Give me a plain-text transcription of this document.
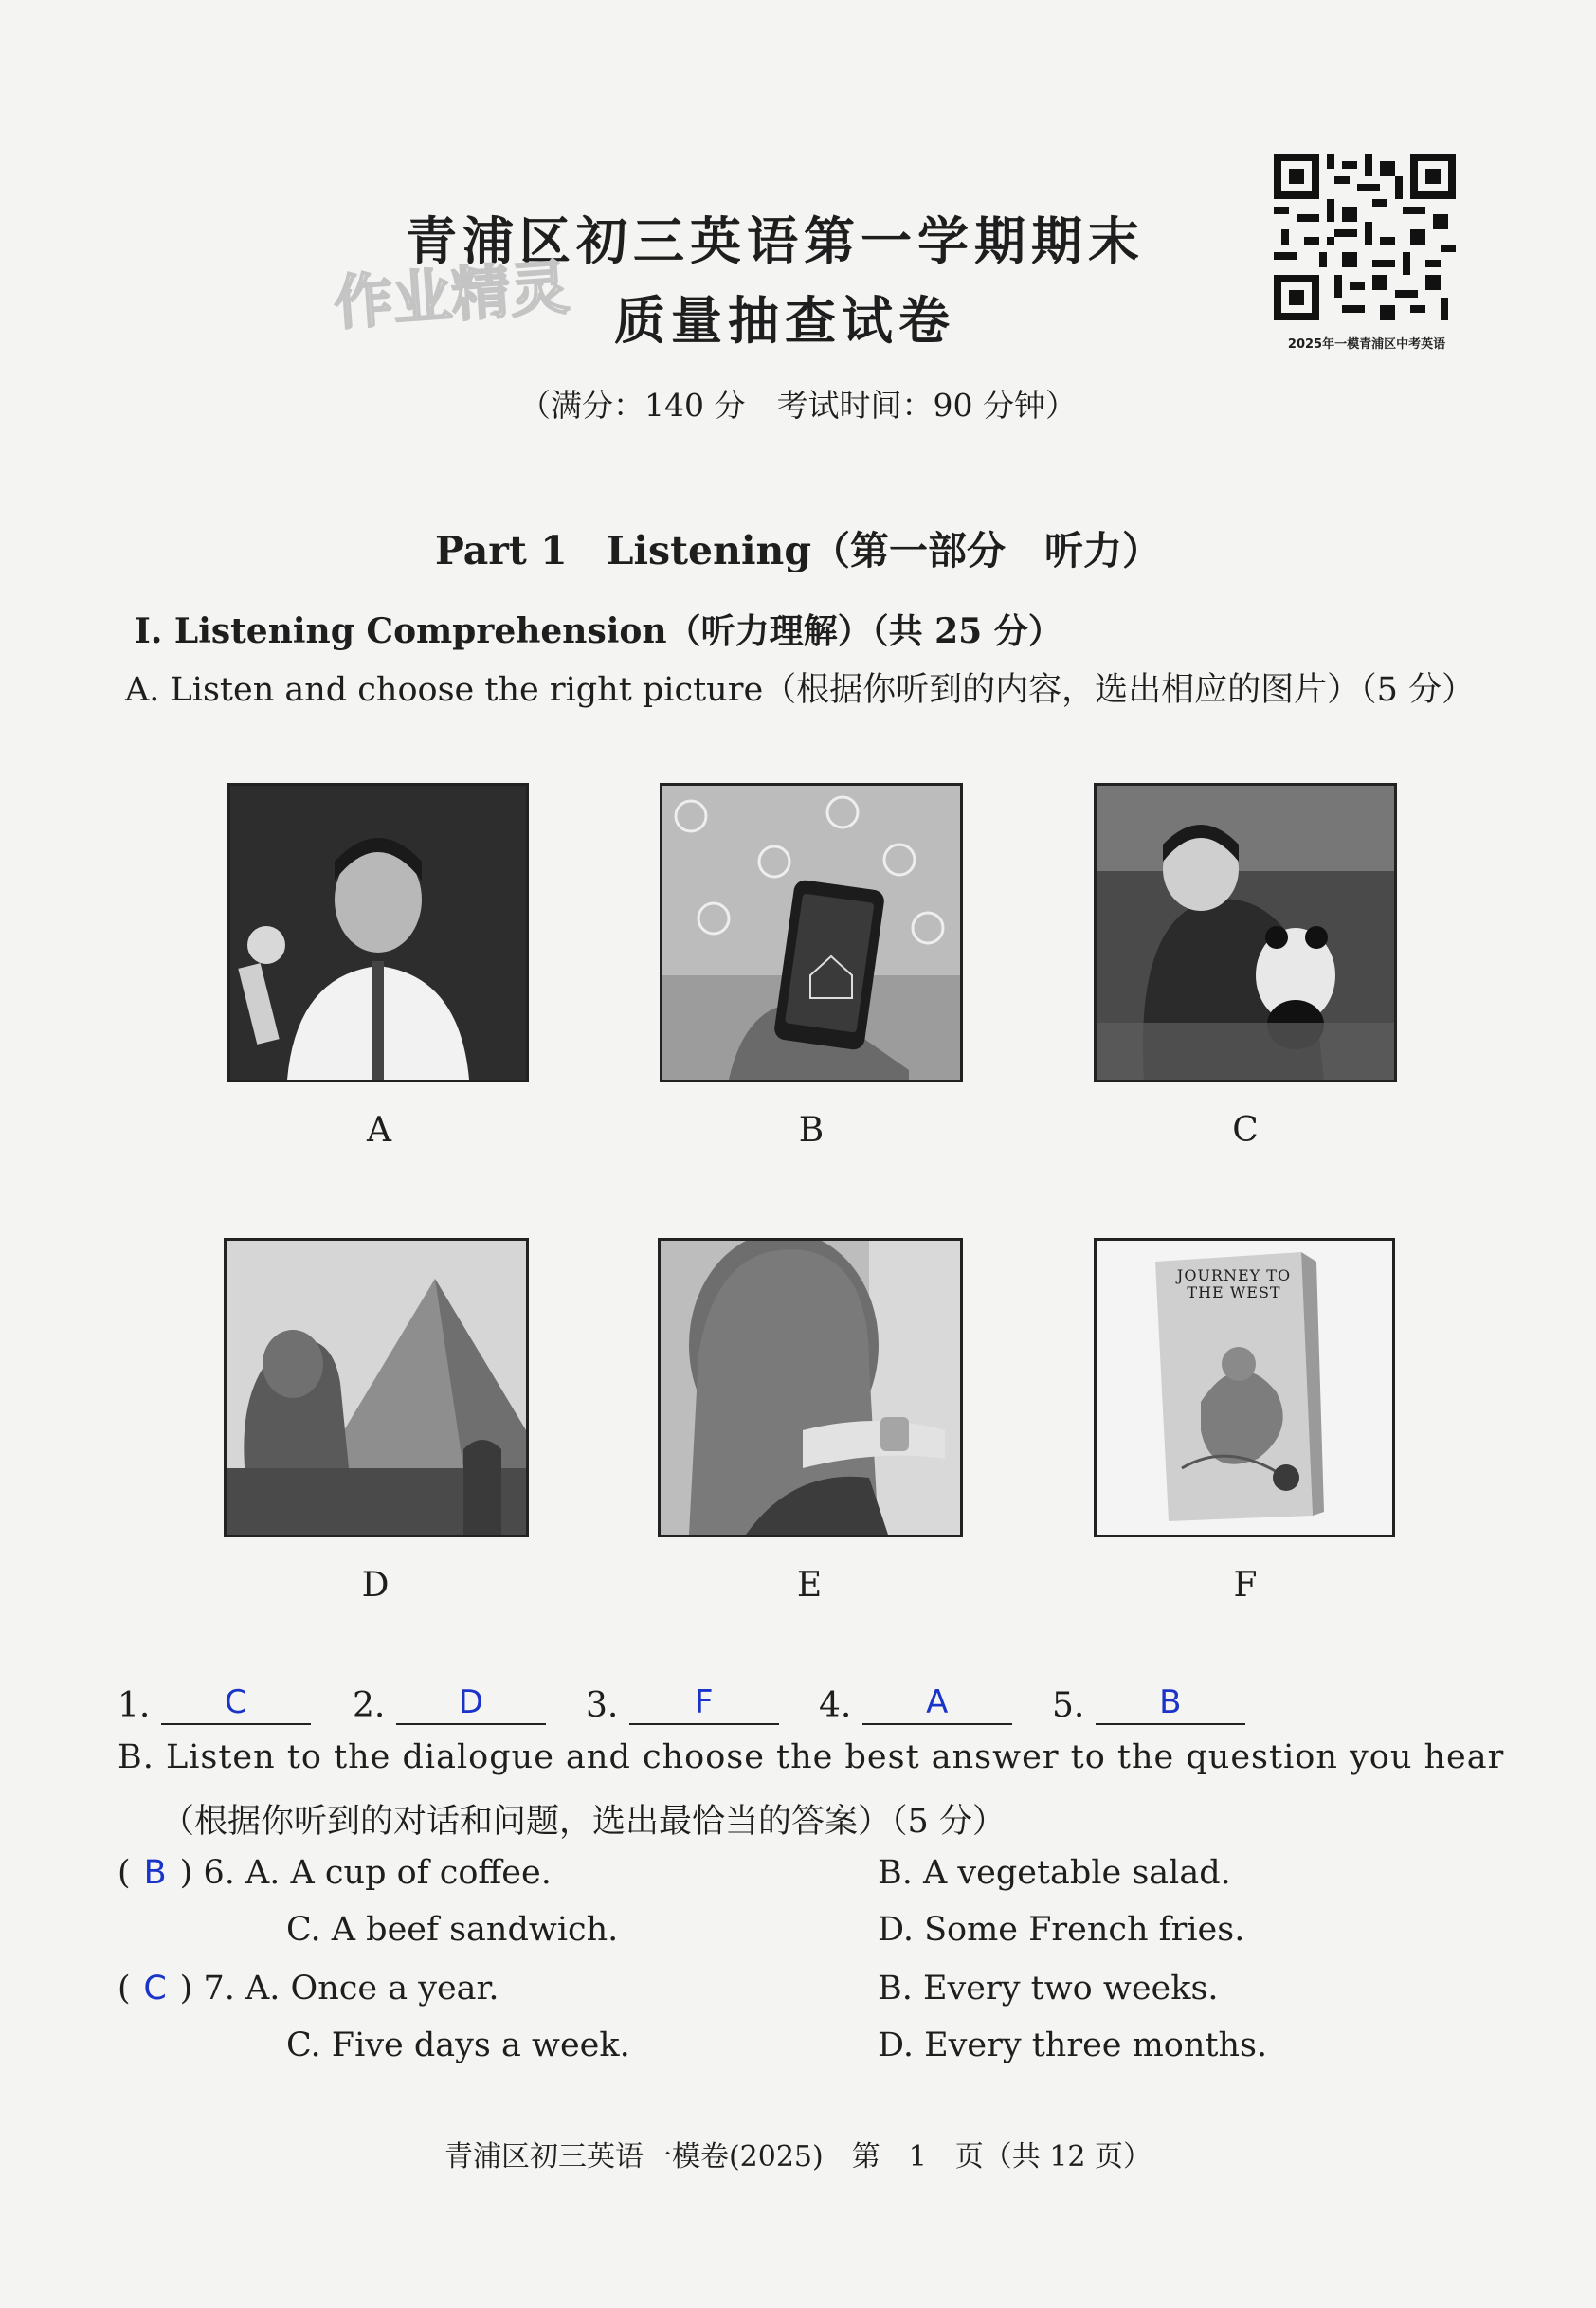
青浦区初三英语第一学期期末
质量抽查试卷
作业精灵
2025年一模青浦区中考英语
（满分：140 分　考试时间：90 分钟）
Part 1　Listening（第一部分　听力）
Ⅰ. Listening Comprehension（听力理解）（共 25 分）
A. Listen and choose the right picture（根据你听到的内容，选出相应的图片）（5 分）
A	B	C
JOURNEY TO THE WEST
D	E	F
1. C	2. D	3. F	4. A	5. B
B. Listen to the dialogue and choose the best answer to the question you hear
（根据你听到的对话和问题，选出最恰当的答案）（5 分）
( B ) 6. A. A cup of coffee.	B. A vegetable salad.
C. A beef sandwich.	D. Some French fries.
( C ) 7. A. Once a year.	B. Every two weeks.
C. Five days a week.	D. Every three months.
青浦区初三英语一模卷(2025)　第　1　页（共 12 页）
